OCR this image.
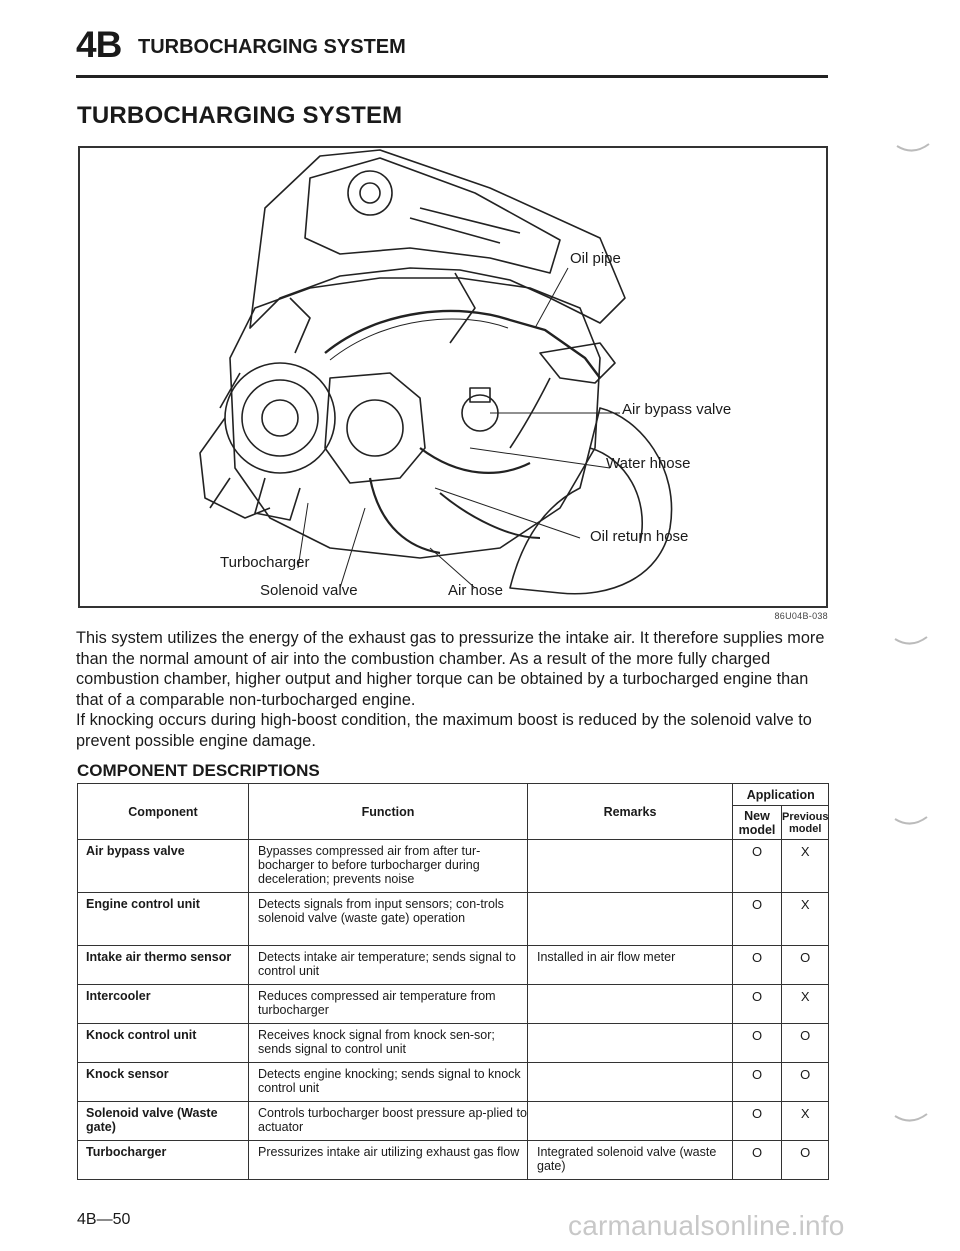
4B TURBOCHARGING SYSTEM
TURBOCHARGING SYSTEM
Oil pipe
Air bypass valve
Water hhose
Oil return hose
Turbocharger
Solenoid valve	Air hose
86U04B-038

This system utilizes the energy of the exhaust gas to pressurize the intake air. It therefore supplies more than the normal amount of air into the combustion chamber. As a result of the more fully charged combustion chamber, higher output and higher torque can be obtained by a turbocharged engine than that of a comparable non-turbocharged engine.

If knocking occurs during high-boost condition, the maximum boost is reduced by the solenoid valve to prevent possible engine damage.

COMPONENT DESCRIPTIONS
Component	Function	Remarks	Application	
			New model	Previous model
Air bypass valve	Bypasses compressed air from after tur-bocharger to before turbocharger during deceleration; prevents noise		O	X
Engine control unit	Detects signals from input sensors; con-trols solenoid valve (waste gate) operation		O	X
Intake air thermo sensor	Detects intake air temperature; sends signal to control unit	Installed in air flow meter	O	O
Intercooler	Reduces compressed air temperature from turbocharger		O	X
Knock control unit	Receives knock signal from knock sen-sor; sends signal to control unit		O	O
Knock sensor	Detects engine knocking; sends signal to knock control unit		O	O
Solenoid valve (Waste gate)	Controls turbocharger boost pressure ap-plied to actuator		O	X
Turbocharger	Pressurizes intake air utilizing exhaust gas flow	Integrated solenoid valve (waste gate)	O	O
4B—50	carmanualsonline.info
